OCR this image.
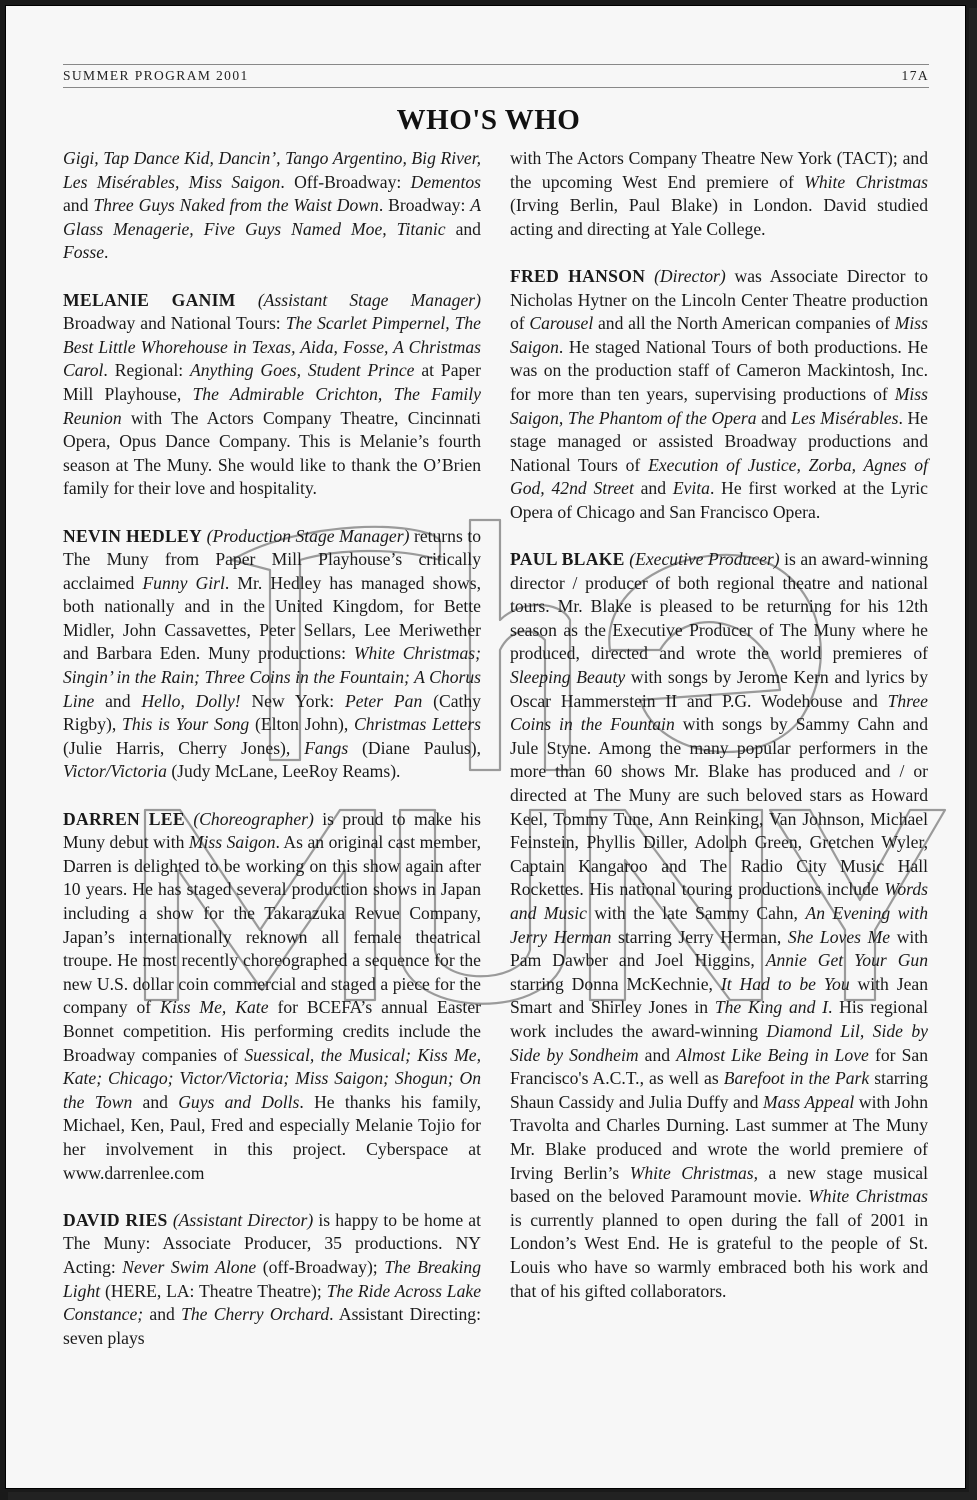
SUMMER PROGRAM 2001	17A
WHO'S WHO

Gigi, Tap Dance Kid, Dancin’, Tango Argentino, Big River, Les Misérables, Miss Saigon. Off-Broadway: Dementos and Three Guys Naked from the Waist Down. Broadway: A Glass Menagerie, Five Guys Named Moe, Titanic and Fosse.

MELANIE GANIM (Assistant Stage Manager) Broadway and National Tours: The Scarlet Pimpernel, The Best Little Whorehouse in Texas, Aida, Fosse, A Christmas Carol. Regional: Anything Goes, Student Prince at Paper Mill Playhouse, The Admirable Crichton, The Family Reunion with The Actors Company Theatre, Cincinnati Opera, Opus Dance Company. This is Melanie’s fourth season at The Muny. She would like to thank the O’Brien family for their love and hospitality.

NEVIN HEDLEY (Production Stage Manager) returns to The Muny from Paper Mill Playhouse’s critically acclaimed Funny Girl. Mr. Hedley has managed shows, both nationally and in the United Kingdom, for Bette Midler, John Cassavettes, Peter Sellars, Lee Meriwether and Barbara Eden. Muny productions: White Christmas; Singin’ in the Rain; Three Coins in the Fountain; A Chorus Line and Hello, Dolly! New York: Peter Pan (Cathy Rigby), This is Your Song (Elton John), Christmas Letters (Julie Harris, Cherry Jones), Fangs (Diane Paulus), Victor/Victoria (Judy McLane, LeeRoy Reams).

DARREN LEE (Choreographer) is proud to make his Muny debut with Miss Saigon. As an original cast member, Darren is delighted to be working on this show again after 10 years. He has staged several production shows in Japan including a show for the Takarazuka Revue Company, Japan’s internationally reknown all female theatrical troupe. He most recently choreographed a sequence for the new U.S. dollar coin commercial and staged a piece for the company of Kiss Me, Kate for BCEFA’s annual Easter Bonnet competition. His performing credits include the Broadway companies of Suessical, the Musical; Kiss Me, Kate; Chicago; Victor/Victoria; Miss Saigon; Shogun; On the Town and Guys and Dolls. He thanks his family, Michael, Ken, Paul, Fred and especially Melanie Tojio for her involvement in this project. Cyberspace at www.darrenlee.com

DAVID RIES (Assistant Director) is happy to be home at The Muny: Associate Producer, 35 productions. NY Acting: Never Swim Alone (off-Broadway); The Breaking Light (HERE, LA: Theatre Theatre); The Ride Across Lake Constance; and The Cherry Orchard. Assistant Directing: seven plays

with The Actors Company Theatre New York (TACT); and the upcoming West End premiere of White Christmas (Irving Berlin, Paul Blake) in London. David studied acting and directing at Yale College.

FRED HANSON (Director) was Associate Director to Nicholas Hytner on the Lincoln Center Theatre production of Carousel and all the North American companies of Miss Saigon. He staged National Tours of both productions. He was on the production staff of Cameron Mackintosh, Inc. for more than ten years, supervising productions of Miss Saigon, The Phantom of the Opera and Les Misérables. He stage managed or assisted Broadway productions and National Tours of Execution of Justice, Zorba, Agnes of God, 42nd Street and Evita. He first worked at the Lyric Opera of Chicago and San Francisco Opera.

PAUL BLAKE (Executive Producer) is an award-winning director / producer of both regional theatre and national tours. Mr. Blake is pleased to be returning for his 12th season as the Executive Producer of The Muny where he produced, directed and wrote the world premieres of Sleeping Beauty with songs by Jerome Kern and lyrics by Oscar Hammerstein II and P.G. Wodehouse and Three Coins in the Fountain with songs by Sammy Cahn and Jule Styne. Among the many popular performers in the more than 60 shows Mr. Blake has produced and / or directed at The Muny are such beloved stars as Howard Keel, Tommy Tune, Ann Reinking, Van Johnson, Michael Feinstein, Phyllis Diller, Adolph Green, Gretchen Wyler, Captain Kangaroo and The Radio City Music Hall Rockettes. His national touring productions include Words and Music with the late Sammy Cahn, An Evening with Jerry Herman starring Jerry Herman, She Loves Me with Pam Dawber and Joel Higgins, Annie Get Your Gun starring Donna McKechnie, It Had to be You with Jean Smart and Shirley Jones in The King and I. His regional work includes the award-winning Diamond Lil, Side by Side by Sondheim and Almost Like Being in Love for San Francisco's A.C.T., as well as Barefoot in the Park starring Shaun Cassidy and Julia Duffy and Mass Appeal with John Travolta and Charles Durning. Last summer at The Muny Mr. Blake produced and wrote the world premiere of Irving Berlin’s White Christmas, a new stage musical based on the beloved Paramount movie. White Christmas is currently planned to open during the fall of 2001 in London’s West End. He is grateful to the people of St. Louis who have so warmly embraced both his work and that of his gifted collaborators.
